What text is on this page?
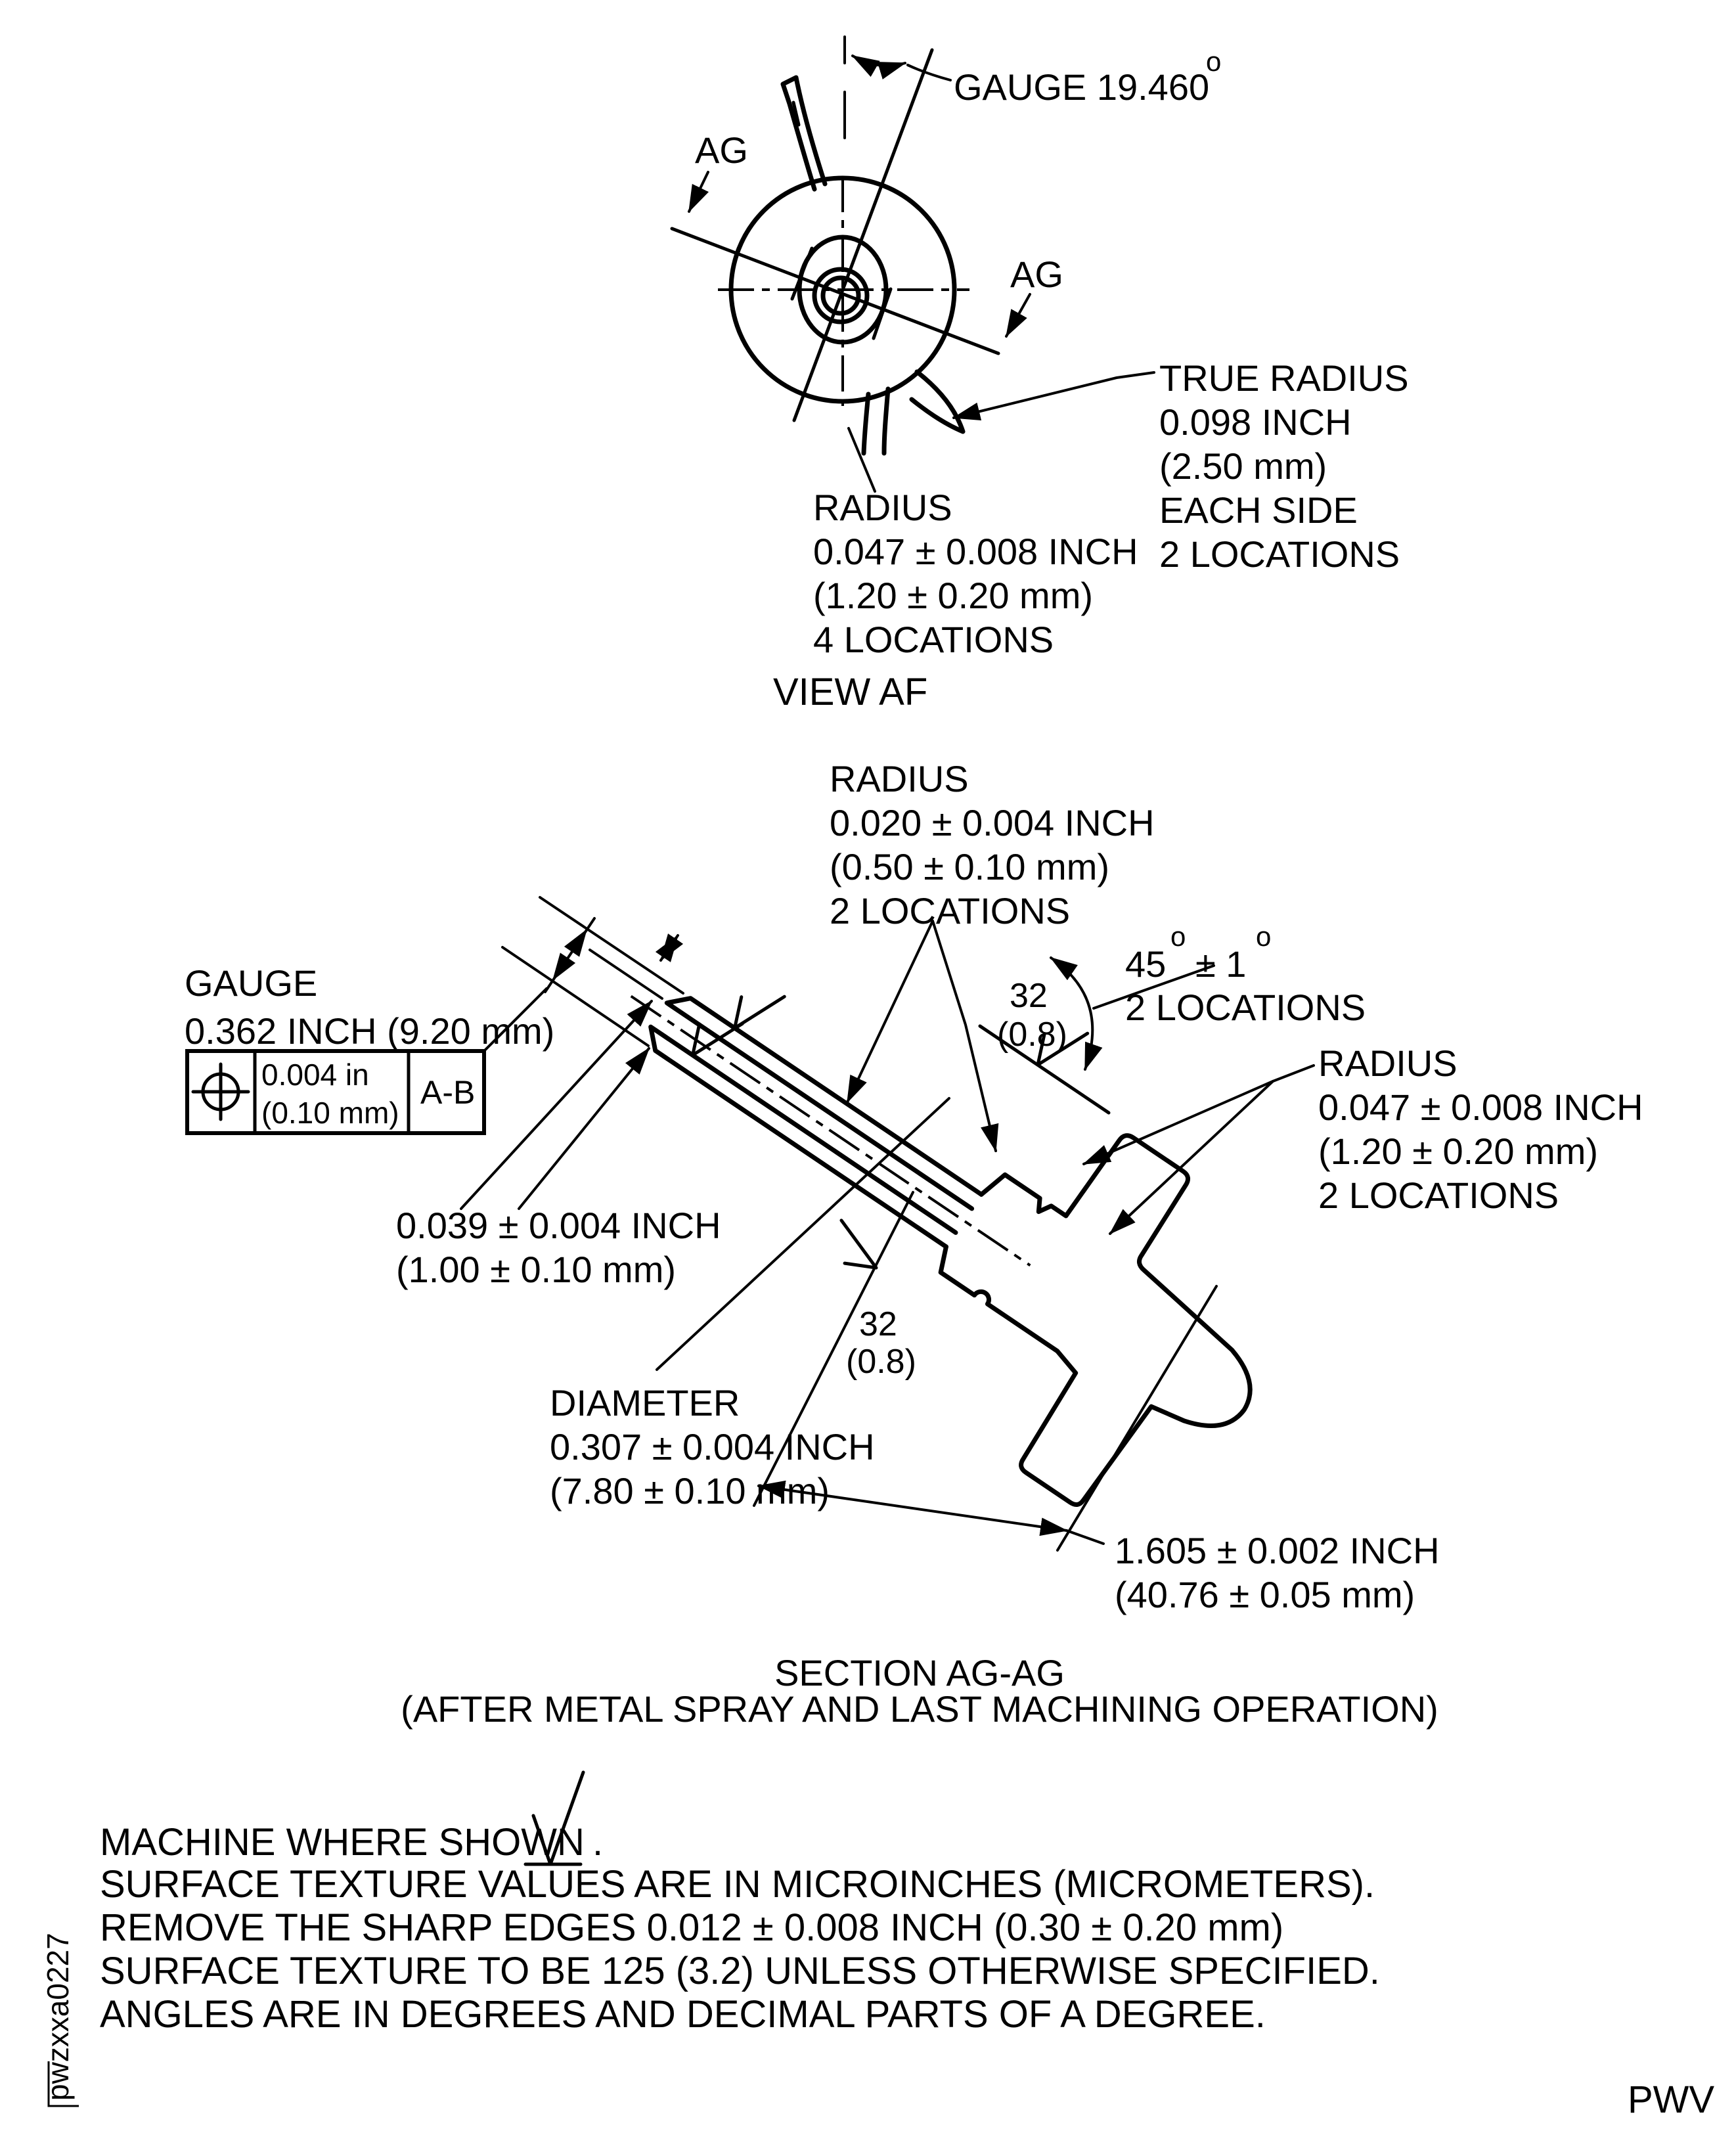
GAUGE 19.460
o
AG
AG
TRUE RADIUS
0.098 INCH
(2.50 mm)
EACH SIDE
2 LOCATIONS
RADIUS
0.047 ± 0.008 INCH
(1.20 ± 0.20 mm)
4 LOCATIONS
VIEW AF
GAUGE
0.362 INCH (9.20 mm)
0.004 in
(0.10 mm)
A-B
RADIUS
0.020 ± 0.004 INCH
(0.50 ± 0.10 mm)
2 LOCATIONS
32
(0.8)
45
o
± 1
o
2 LOCATIONS
RADIUS
0.047 ± 0.008 INCH
(1.20 ± 0.20 mm)
2 LOCATIONS
0.039 ± 0.004 INCH
(1.00 ± 0.10 mm)
32
(0.8)
DIAMETER
0.307 ± 0.004 INCH
(7.80 ± 0.10 mm)
1.605 ± 0.002 INCH
(40.76 ± 0.05 mm)
SECTION AG-AG
(AFTER METAL SPRAY AND LAST MACHINING OPERATION)
MACHINE WHERE SHOWN .
SURFACE TEXTURE VALUES ARE IN MICROINCHES (MICROMETERS).
REMOVE THE SHARP EDGES 0.012 ± 0.008 INCH (0.30 ± 0.20 mm)
SURFACE TEXTURE TO BE 125 (3.2) UNLESS OTHERWISE SPECIFIED.
ANGLES ARE IN DEGREES AND DECIMAL PARTS OF A DEGREE.
pwzxxa0227	PWV
